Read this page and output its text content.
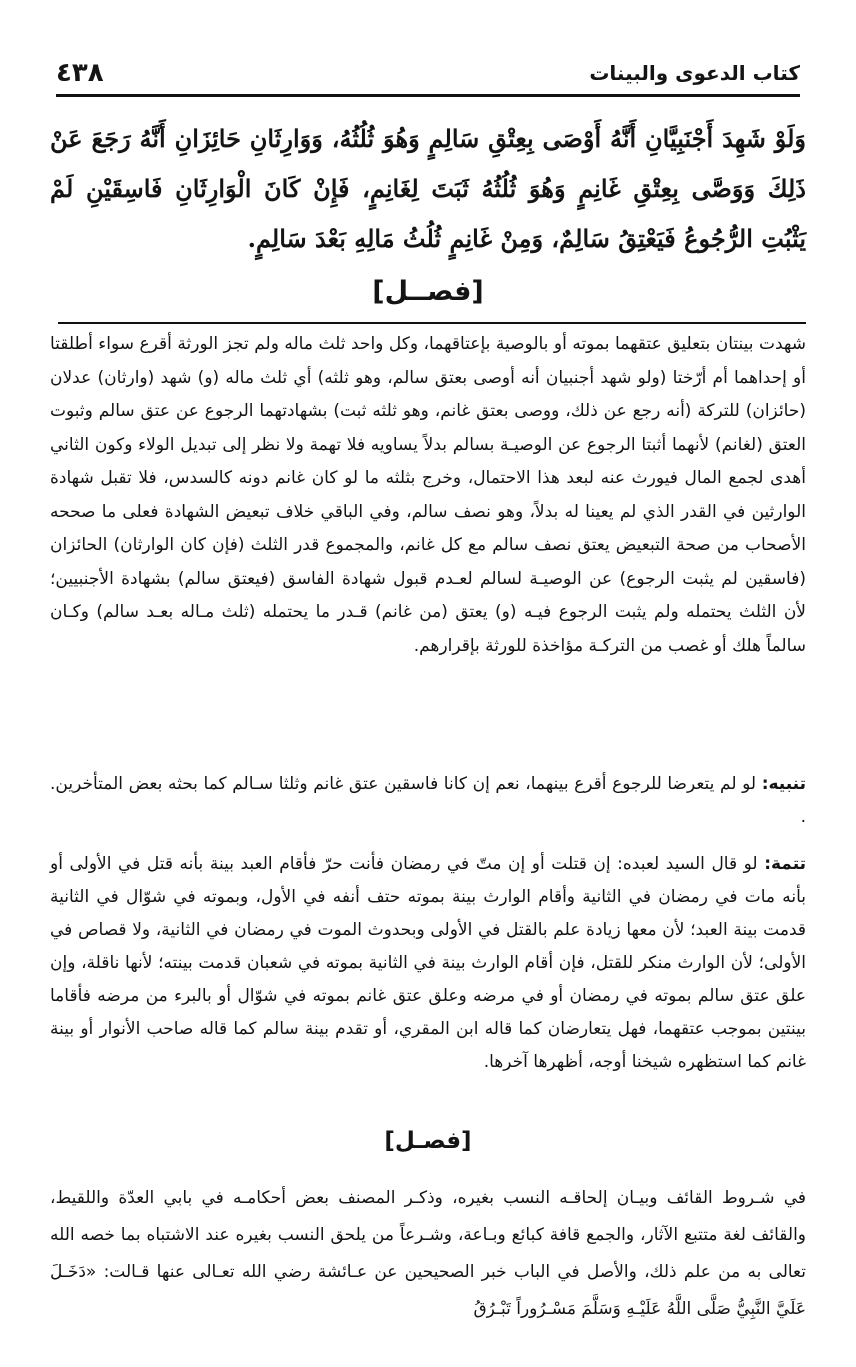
٤٣٨	كتاب الدعوى والبينات

وَلَوْ شَهِدَ أَجْنَبِيَّانِ أَنَّهُ أَوْصَى بِعِتْقِ سَالِمٍ وَهُوَ ثُلُثُهُ، وَوَارِثَانِ حَائِزَانِ أَنَّهُ رَجَعَ عَنْ ذَلِكَ وَوَصَّى بِعِتْقِ غَانِمٍ وَهُوَ ثُلُثُهُ ثَبَتَ لِغَانِمٍ، فَإِنْ كَانَ الْوَارِثَانِ فَاسِقَيْنِ لَمْ يَثْبُتِ الرُّجُوعُ فَيَعْتِقُ سَالِمٌ، وَمِنْ غَانِمٍ ثُلُثُ مَالِهِ بَعْدَ سَالِمٍ.

[فصــل]

شهدت بينتان بتعليق عتقهما بموته أو بالوصية بإعتاقهما، وكل واحد ثلث ماله ولم تجز الورثة أقرع سواء أطلقتا أو إحداهما أم أرّختا (ولو شهد أجنبيان أنه أوصى بعتق سالم، وهو ثلثه) أي ثلث ماله (و) شهد (وارثان) عدلان (حائزان) للتركة (أنه رجع عن ذلك، ووصى بعتق غانم، وهو ثلثه ثبت) بشهادتهما الرجوع عن عتق سالم وثبوت العتق (لغانم) لأنهما أثبتا الرجوع عن الوصيـة بسالم بدلاً يساويه فلا تهمة ولا نظر إلى تبديل الولاء وكون الثاني أهدى لجمع المال فيورث عنه لبعد هذا الاحتمال، وخرج بثلثه ما لو كان غانم دونه كالسدس، فلا تقبل شهادة الوارثين في القدر الذي لم يعينا له بدلاً، وهو نصف سالم، وفي الباقي خلاف تبعيض الشهادة فعلى ما صححه الأصحاب من صحة التبعيض يعتق نصف سالم مع كل غانم، والمجموع قدر الثلث (فإن كان الوارثان) الحائزان (فاسقين لم يثبت الرجوع) عن الوصيـة لسالم لعـدم قبول شهادة الفاسق (فيعتق سالم) بشهادة الأجنبيين؛ لأن الثلث يحتمله ولم يثبت الرجوع فيـه (و) يعتق (من غانم) قـدر ما يحتمله (ثلث مـاله بعـد سالم) وكـان سالماً هلك أو غصب من التركـة مؤاخذة للورثة بإقرارهم.

تنبيه: لو لم يتعرضا للرجوع أقرع بينهما، نعم إن كانا فاسقين عتق غانم وثلثا سـالم كما بحثه بعض المتأخرين. .

تتمة: لو قال السيد لعبده: إن قتلت أو إن متّ في رمضان فأنت حرّ فأقام العبد بينة بأنه قتل في الأولى أو بأنه مات في رمضان في الثانية وأقام الوارث بينة بموته حتف أنفه في الأول، وبموته في شوّال في الثانية قدمت بينة العبد؛ لأن معها زيادة علم بالقتل في الأولى وبحدوث الموت في رمضان في الثانية، ولا قصاص في الأولى؛ لأن الوارث منكر للقتل، فإن أقام الوارث بينة في الثانية بموته في شعبان قدمت بينته؛ لأنها ناقلة، وإن علق عتق سالم بموته في رمضان أو في مرضه وعلق عتق غانم بموته في شوّال أو بالبرء من مرضه فأقاما بينتين بموجب عتقهما، فهل يتعارضان كما قاله ابن المقري، أو تقدم بينة سالم كما قاله صاحب الأنوار أو بينة غانم كما استظهره شيخنا أوجه، أظهرها آخرها.

[فصـل]

في شـروط القائف وبيـان إلحاقـه النسب بغيره، وذكـر المصنف بعض أحكامـه في بابي العدّة واللقيط، والقائف لغة متتبع الآثار، والجمع قافة كبائع وبـاعة، وشـرعاً من يلحق النسب بغيره عند الاشتباه بما خصه الله تعالى به من علم ذلك، والأصل في الباب خبر الصحيحين عن عـائشة رضي الله تعـالى عنها قـالت: «دَخَـلَ عَلَيَّ النَّبِيُّ صَلَّى اللَّهُ عَلَيْـهِ وَسَلَّمَ مَسْـرُوراً تَبْـرُقُ
